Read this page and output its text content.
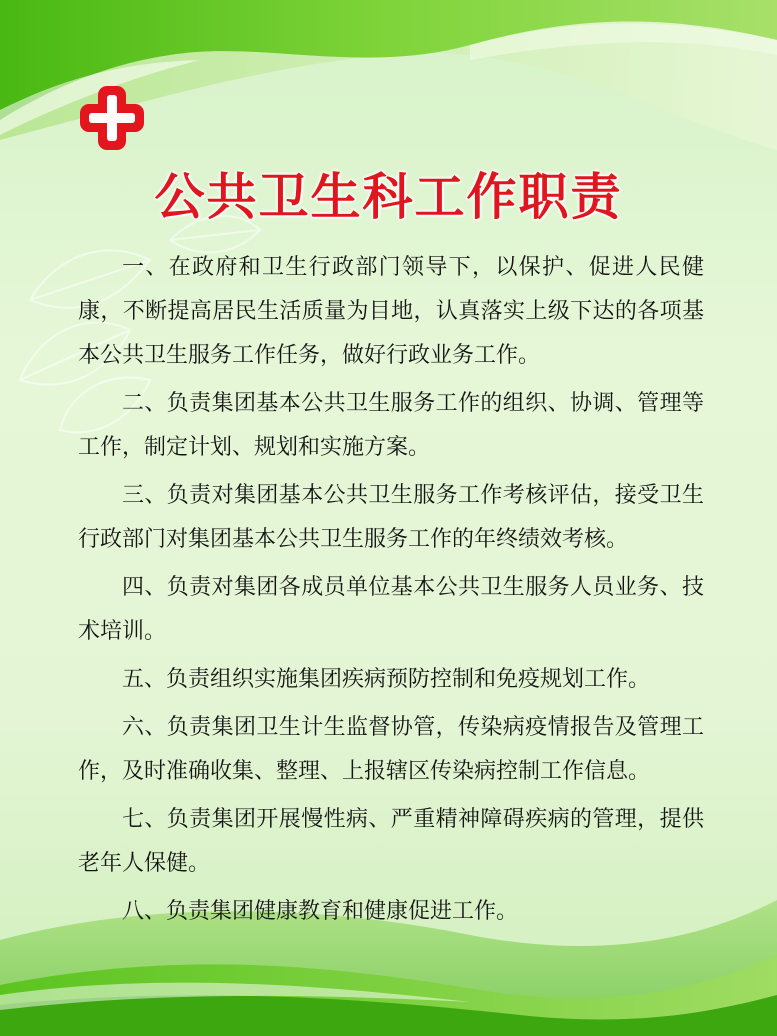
公共卫生科工作职责

一、在政府和卫生行政部门领导下，以保护、促进人民健康，不断提高居民生活质量为目地，认真落实上级下达的各项基本公共卫生服务工作任务，做好行政业务工作。

二、负责集团基本公共卫生服务工作的组织、协调、管理等工作，制定计划、规划和实施方案。

三、负责对集团基本公共卫生服务工作考核评估，接受卫生行政部门对集团基本公共卫生服务工作的年终绩效考核。

四、负责对集团各成员单位基本公共卫生服务人员业务、技术培训。

五、负责组织实施集团疾病预防控制和免疫规划工作。

六、负责集团卫生计生监督协管，传染病疫情报告及管理工作，及时准确收集、整理、上报辖区传染病控制工作信息。

七、负责集团开展慢性病、严重精神障碍疾病的管理，提供老年人保健。

八、负责集团健康教育和健康促进工作。
